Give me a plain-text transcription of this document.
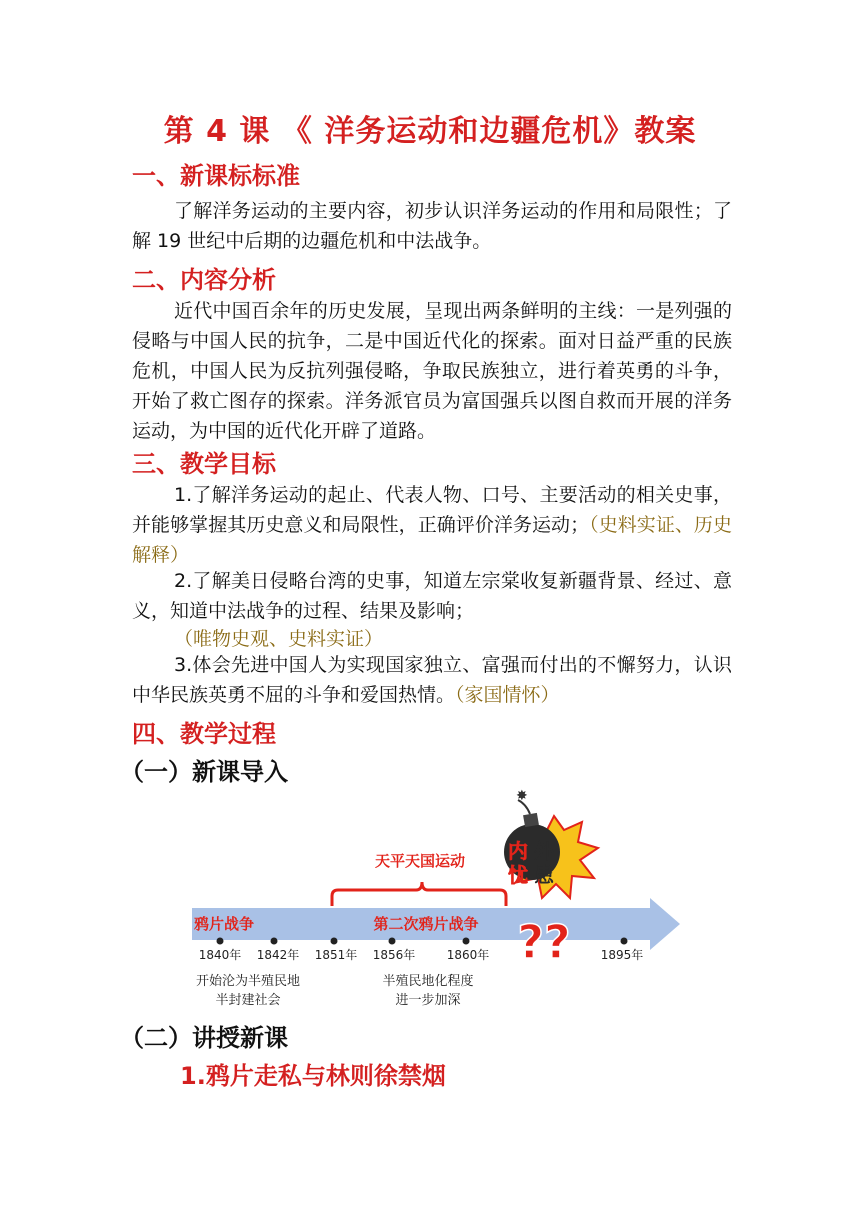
第 4 课 《 洋务运动和边疆危机》教案
一、新课标标准
了解洋务运动的主要内容，初步认识洋务运动的作用和局限性；了解 19 世纪中后期的边疆危机和中法战争。
二、内容分析
近代中国百余年的历史发展，呈现出两条鲜明的主线：一是列强的侵略与中国人民的抗争，二是中国近代化的探索。面对日益严重的民族危机，中国人民为反抗列强侵略，争取民族独立，进行着英勇的斗争，开始了救亡图存的探索。洋务派官员为富国强兵以图自救而开展的洋务运动，为中国的近代化开辟了道路。
三、教学目标
1.了解洋务运动的起止、代表人物、口号、主要活动的相关史事，并能够掌握其历史意义和局限性，正确评价洋务运动；（史料实证、历史解释）
2.了解美日侵略台湾的史事，知道左宗棠收复新疆背景、经过、意义，知道中法战争的过程、结果及影响；
（唯物史观、史料实证）
3.体会先进中国人为实现国家独立、富强而付出的不懈努力，认识中华民族英勇不屈的斗争和爱国热情。（家国情怀）
四、教学过程
（一）新课导入
天平天国运动
鸦片战争	第二次鸦片战争
1840年 1842年 1851年 1856年	1860年	1895年
开始沦为半殖民地
半封建社会
半殖民地化程度
进一步加深
??
✸
内
忧
外
患
（二）讲授新课
1.鸦片走私与林则徐禁烟
